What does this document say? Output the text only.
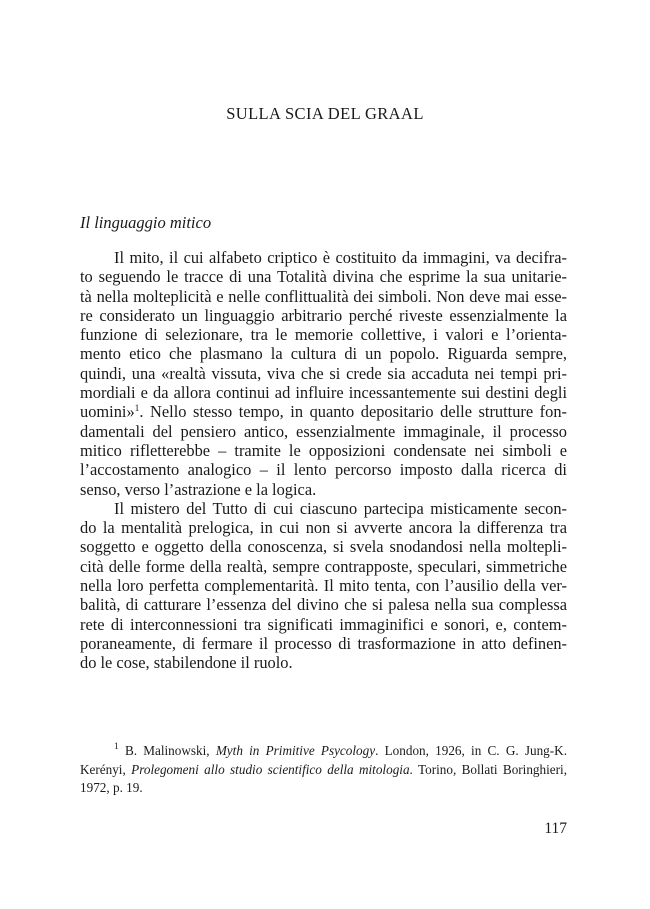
SULLA SCIA DEL GRAAL
Il linguaggio mitico
Il mito, il cui alfabeto criptico è costituito da immagini, va decifra-
to seguendo le tracce di una Totalità divina che esprime la sua unitarie-
tà nella molteplicità e nelle conflittualità dei simboli. Non deve mai esse-
re considerato un linguaggio arbitrario perché riveste essenzialmente la
funzione di selezionare, tra le memorie collettive, i valori e l’orienta-
mento etico che plasmano la cultura di un popolo. Riguarda sempre,
quindi, una «realtà vissuta, viva che si crede sia accaduta nei tempi pri-
mordiali e da allora continui ad influire incessantemente sui destini degli
uomini»$^1$. Nello stesso tempo, in quanto depositario delle strutture fon-
damentali del pensiero antico, essenzialmente immaginale, il processo
mitico rifletterebbe – tramite le opposizioni condensate nei simboli e
l’accostamento analogico – il lento percorso imposto dalla ricerca di
senso, verso l’astrazione e la logica.
Il mistero del Tutto di cui ciascuno partecipa misticamente secon-
do la mentalità prelogica, in cui non si avverte ancora la differenza tra
soggetto e oggetto della conoscenza, si svela snodandosi nella moltepli-
cità delle forme della realtà, sempre contrapposte, speculari, simmetriche
nella loro perfetta complementarità. Il mito tenta, con l’ausilio della ver-
balità, di catturare l’essenza del divino che si palesa nella sua complessa
rete di interconnessioni tra significati immaginifici e sonori, e, contem-
poraneamente, di fermare il processo di trasformazione in atto definen-
do le cose, stabilendone il ruolo.
$^1$ B. Malinowski, Myth in Primitive Psycology. London, 1926, in C. G. Jung-K.
Kerényi, Prolegomeni allo studio scientifico della mitologia. Torino, Bollati Boringhieri,
1972, p. 19.
117
